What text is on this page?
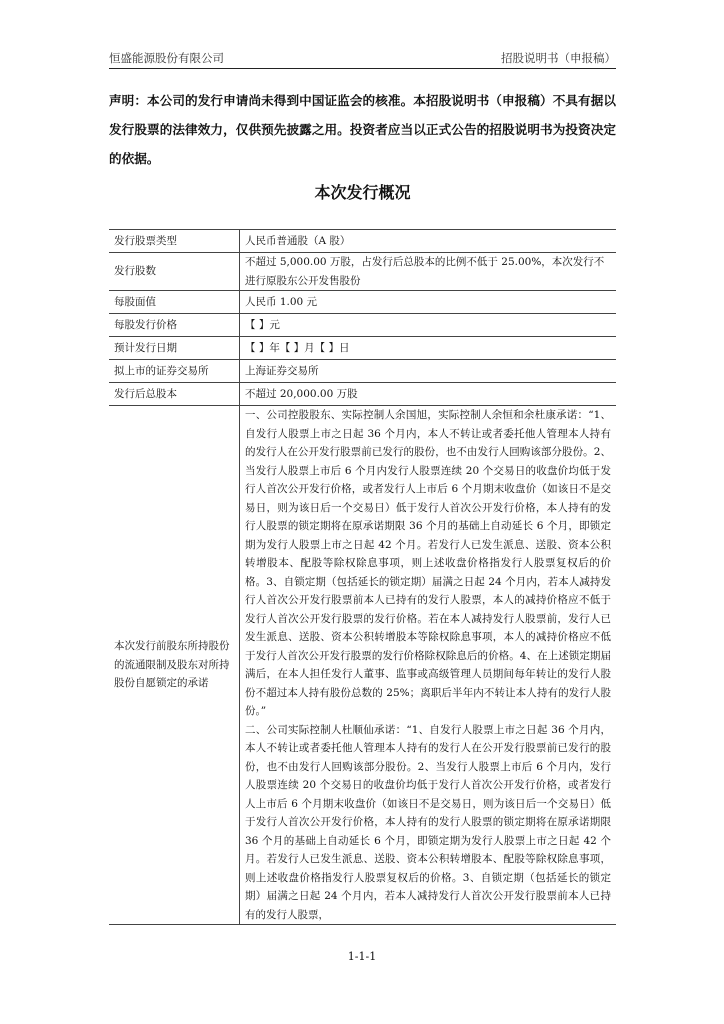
恒盛能源股份有限公司	招股说明书（申报稿）
声明：本公司的发行申请尚未得到中国证监会的核准。本招股说明书（申报稿）不具有据以发行股票的法律效力，仅供预先披露之用。投资者应当以正式公告的招股说明书为投资决定的依据。
本次发行概况
发行股票类型	人民币普通股（A 股）
发行股数	不超过 5,000.00 万股，占发行后总股本的比例不低于 25.00%，本次发行不进行原股东公开发售股份
每股面值	人民币 1.00 元
每股发行价格	【 】元
预计发行日期	【 】年【 】月【 】日
拟上市的证券交易所	上海证券交易所
发行后总股本	不超过 20,000.00 万股
本次发行前股东所持股份的流通限制及股东对所持股份自愿锁定的承诺	一、公司控股股东、实际控制人余国旭，实际控制人余恒和余杜康承诺：“1、自发行人股票上市之日起 36 个月内，本人不转让或者委托他人管理本人持有的发行人在公开发行股票前已发行的股份，也不由发行人回购该部分股份。2、当发行人股票上市后 6 个月内发行人股票连续 20 个交易日的收盘价均低于发行人首次公开发行价格，或者发行人上市后 6 个月期末收盘价（如该日不是交易日，则为该日后一个交易日）低于发行人首次公开发行价格，本人持有的发行人股票的锁定期将在原承诺期限 36 个月的基础上自动延长 6 个月，即锁定期为发行人股票上市之日起 42 个月。若发行人已发生派息、送股、资本公积转增股本、配股等除权除息事项，则上述收盘价格指发行人股票复权后的价格。3、自锁定期（包括延长的锁定期）届满之日起 24 个月内，若本人减持发行人首次公开发行股票前本人已持有的发行人股票，本人的减持价格应不低于发行人首次公开发行股票的发行价格。若在本人减持发行人股票前，发行人已发生派息、送股、资本公积转增股本等除权除息事项，本人的减持价格应不低于发行人首次公开发行股票的发行价格除权除息后的价格。4、在上述锁定期届满后，在本人担任发行人董事、监事或高级管理人员期间每年转让的发行人股份不超过本人持有股份总数的 25%；离职后半年内不转让本人持有的发行人股份。”
二、公司实际控制人杜顺仙承诺：“1、自发行人股票上市之日起 36 个月内，本人不转让或者委托他人管理本人持有的发行人在公开发行股票前已发行的股份，也不由发行人回购该部分股份。2、当发行人股票上市后 6 个月内，发行人股票连续 20 个交易日的收盘价均低于发行人首次公开发行价格，或者发行人上市后 6 个月期末收盘价（如该日不是交易日，则为该日后一个交易日）低于发行人首次公开发行价格，本人持有的发行人股票的锁定期将在原承诺期限 36 个月的基础上自动延长 6 个月，即锁定期为发行人股票上市之日起 42 个月。若发行人已发生派息、送股、资本公积转增股本、配股等除权除息事项，则上述收盘价格指发行人股票复权后的价格。3、自锁定期（包括延长的锁定期）届满之日起 24 个月内，若本人减持发行人首次公开发行股票前本人已持有的发行人股票，
1-1-1
